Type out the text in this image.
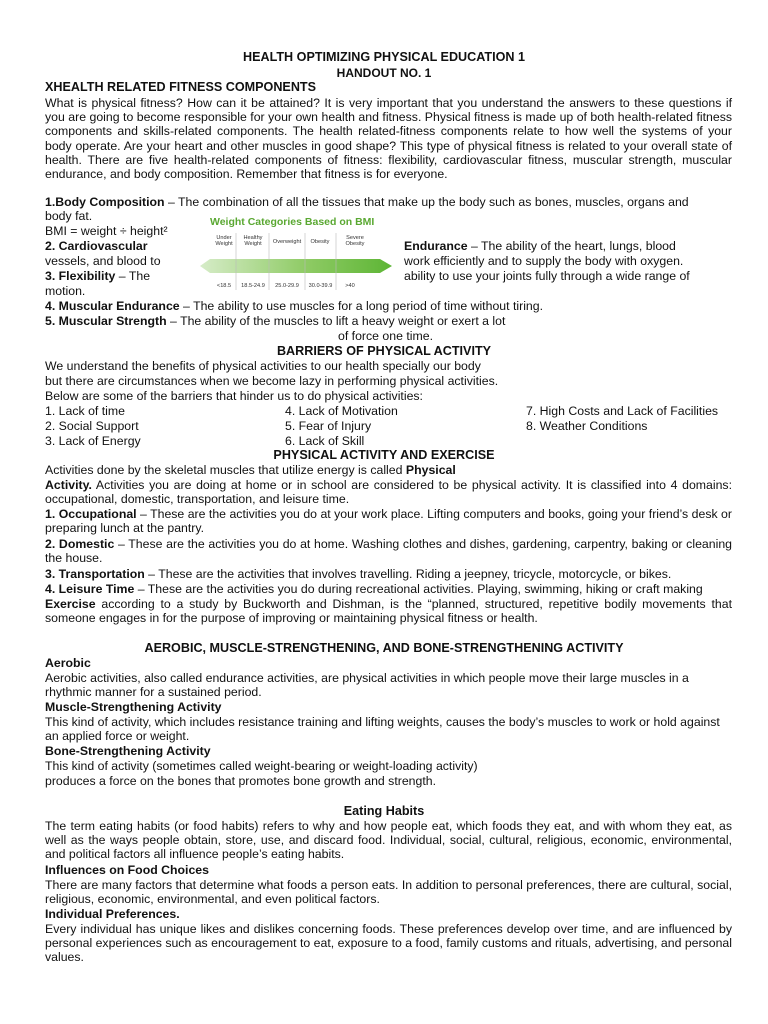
HEALTH OPTIMIZING PHYSICAL EDUCATION 1
HANDOUT NO. 1
XHEALTH RELATED FITNESS COMPONENTS
What is physical fitness? How can it be attained? It is very important that you understand the answers to these questions if you are going to become responsible for your own health and fitness. Physical fitness is made up of both health-related fitness components and skills-related components. The health related-fitness components relate to how well the systems of your body operate. Are your heart and other muscles in good shape? This type of physical fitness is related to your overall state of health. There are five health-related components of fitness: flexibility, cardiovascular fitness, muscular strength, muscular endurance, and body composition. Remember that fitness is for everyone.
1.Body Composition – The combination of all the tissues that make up the body such as bones, muscles, organs and
body fat.
BMI = weight ÷ height²
2. Cardiovascular	Endurance – The ability of the heart, lungs, blood
vessels, and blood to	work efficiently and to supply the body with oxygen.
3. Flexibility – The	ability to use your joints fully through a wide range of
motion.
4. Muscular Endurance – The ability to use muscles for a long period of time without tiring.
5. Muscular Strength – The ability of the muscles to lift a heavy weight or exert a lot
of force one time.
Weight Categories Based on BMI
Under Weight
Healthy Weight	Overweight	Obesity
Severe Obesity
<18.5	18.5-24.9	25.0-29.9	30.0-39.9	>40
BARRIERS OF PHYSICAL ACTIVITY
We understand the benefits of physical activities to our health specially our body
but there are circumstances when we become lazy in performing physical activities.
Below are some of the barriers that hinder us to do physical activities:
1. Lack of time
2. Social Support
3. Lack of Energy
4. Lack of Motivation
5. Fear of Injury
6. Lack of Skill
7. High Costs and Lack of Facilities
8. Weather Conditions
PHYSICAL ACTIVITY AND EXERCISE
Activities done by the skeletal muscles that utilize energy is called Physical
Activity. Activities you are doing at home or in school are considered to be physical activity. It is classified into 4 domains: occupational, domestic, transportation, and leisure time.
1. Occupational – These are the activities you do at your work place. Lifting computers and books, going your friend’s desk or preparing lunch at the pantry.
2. Domestic – These are the activities you do at home. Washing clothes and dishes, gardening, carpentry, baking or cleaning the house.
3. Transportation – These are the activities that involves travelling. Riding a jeepney, tricycle, motorcycle, or bikes.
4. Leisure Time – These are the activities you do during recreational activities. Playing, swimming, hiking or craft making
Exercise according to a study by Buckworth and Dishman, is the “planned, structured, repetitive bodily movements that someone engages in for the purpose of improving or maintaining physical fitness or health.
AEROBIC, MUSCLE-STRENGTHENING, AND BONE-STRENGTHENING ACTIVITY
Aerobic
Aerobic activities, also called endurance activities, are physical activities in which people move their large muscles in a rhythmic manner for a sustained period.
Muscle-Strengthening Activity
This kind of activity, which includes resistance training and lifting weights, causes the body’s muscles to work or hold against an applied force or weight.
Bone-Strengthening Activity
This kind of activity (sometimes called weight-bearing or weight-loading activity)
produces a force on the bones that promotes bone growth and strength.
Eating Habits
The term eating habits (or food habits) refers to why and how people eat, which foods they eat, and with whom they eat, as well as the ways people obtain, store, use, and discard food. Individual, social, cultural, religious, economic, environmental, and political factors all influence people’s eating habits.
Influences on Food Choices
There are many factors that determine what foods a person eats. In addition to personal preferences, there are cultural, social, religious, economic, environmental, and even political factors.
Individual Preferences.
Every individual has unique likes and dislikes concerning foods. These preferences develop over time, and are influenced by personal experiences such as encouragement to eat, exposure to a food, family customs and rituals, advertising, and personal values.
